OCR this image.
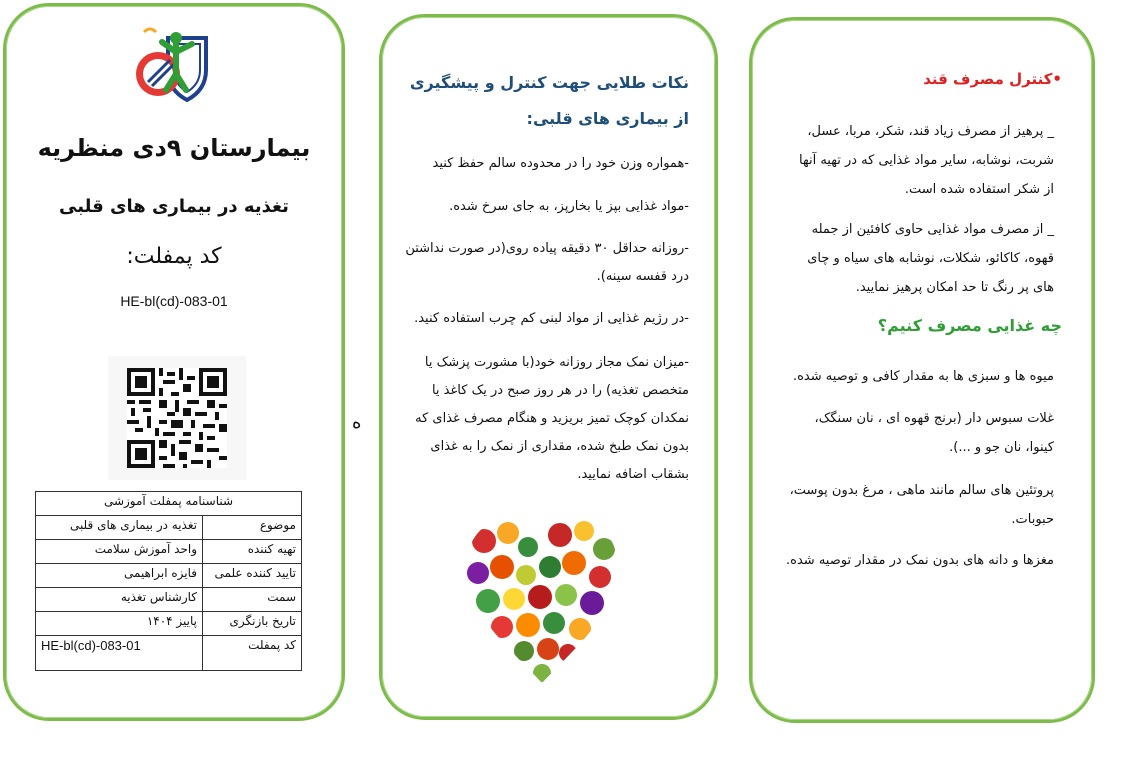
بیمارستان ۹دی منظریه
تغذیه در بیماری های قلبی
کد پمفلت:
HE-bl(cd)-083-01
شناسنامه پمفلت آموزشی	
موضوع	تغذیه در بیماری های قلبی
تهیه کننده	واحد آموزش سلامت
تایید کننده علمی	فایزه ابراهیمی
سمت	کارشناس تغذیه
تاریخ بازنگری	پاییز ۱۴۰۴
کد پمفلت	HE-bl(cd)-083-01
ه
نکات طلایی جهت کنترل و پیشگیری از بیماری های قلبی:
-همواره وزن خود را در محدوده سالم حفظ کنید
-مواد غذایی بپز یا بخارپز، به جای سرخ شده.
-روزانه حداقل ۳۰ دقیقه پیاده روی(در صورت نداشتن درد قفسه سینه).
-در رژیم غذایی از مواد لبنی کم چرب استفاده کنید.
-میزان نمک مجاز روزانه خود(با مشورت پزشک یا متخصص تغذیه) را در هر روز صبح در یک کاغذ یا نمکدان کوچک تمیز بریزید و هنگام مصرف غذای که بدون نمک طبخ شده، مقداری از نمک را به غذای بشقاب اضافه نمایید.
•کنترل مصرف قند
_ پرهیز از مصرف زیاد قند، شکر، مربا، عسل، شربت، نوشابه، سایر مواد غذایی که در تهیه آنها از شکر استفاده شده است.
_ از مصرف مواد غذایی حاوی کافئین از جمله قهوه، کاکائو، شکلات، نوشابه های سیاه و چای های پر رنگ تا حد امکان پرهیز نمایید.
چه غذایی مصرف کنیم؟
میوه ها و سبزی ها به مقدار کافی و توصیه شده.
غلات سبوس دار (برنج قهوه ای ، نان سنگک، کینوا، نان جو و ...).
پروتئین های سالم مانند ماهی ، مرغ بدون پوست، حبوبات.
مغزها و دانه های بدون نمک در مقدار توصیه شده.
